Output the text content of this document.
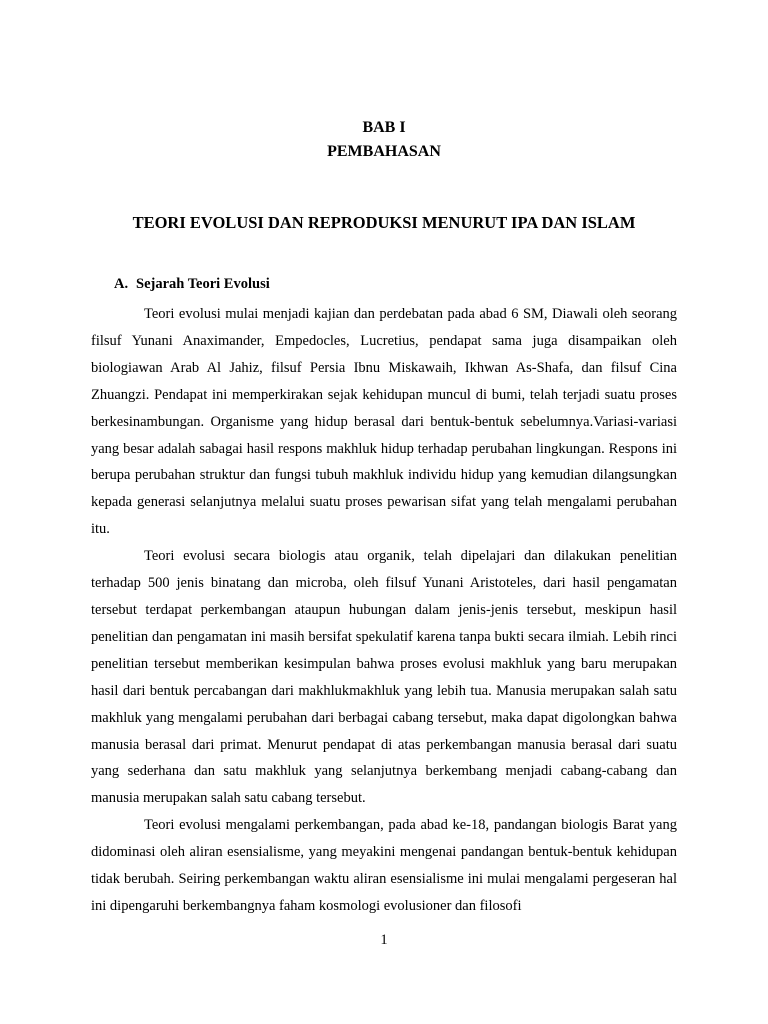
BAB I
PEMBAHASAN
TEORI EVOLUSI DAN REPRODUKSI MENURUT IPA DAN ISLAM
A. Sejarah Teori Evolusi

Teori evolusi mulai menjadi kajian dan perdebatan pada abad 6 SM, Diawali oleh seorang filsuf Yunani Anaximander, Empedocles, Lucretius, pendapat sama juga disampaikan oleh biologiawan Arab Al Jahiz, filsuf Persia Ibnu Miskawaih, Ikhwan As-Shafa, dan filsuf Cina Zhuangzi. Pendapat ini memperkirakan sejak kehidupan muncul di bumi, telah terjadi suatu proses berkesinambungan. Organisme yang hidup berasal dari bentuk-bentuk sebelumnya.Variasi-variasi yang besar adalah sabagai hasil respons makhluk hidup terhadap perubahan lingkungan. Respons ini berupa perubahan struktur dan fungsi tubuh makhluk individu hidup yang kemudian dilangsungkan kepada generasi selanjutnya melalui suatu proses pewarisan sifat yang telah mengalami perubahan itu.

Teori evolusi secara biologis atau organik, telah dipelajari dan dilakukan penelitian terhadap 500 jenis binatang dan microba, oleh filsuf Yunani Aristoteles, dari hasil pengamatan tersebut terdapat perkembangan ataupun hubungan dalam jenis-jenis tersebut, meskipun hasil penelitian dan pengamatan ini masih bersifat spekulatif karena tanpa bukti secara ilmiah. Lebih rinci penelitian tersebut memberikan kesimpulan bahwa proses evolusi makhluk yang baru merupakan hasil dari bentuk percabangan dari makhlukmakhluk yang lebih tua. Manusia merupakan salah satu makhluk yang mengalami perubahan dari berbagai cabang tersebut, maka dapat digolongkan bahwa manusia berasal dari primat. Menurut pendapat di atas perkembangan manusia berasal dari suatu yang sederhana dan satu makhluk yang selanjutnya berkembang menjadi cabang-cabang dan manusia merupakan salah satu cabang tersebut.

Teori evolusi mengalami perkembangan, pada abad ke-18, pandangan biologis Barat yang didominasi oleh aliran esensialisme, yang meyakini mengenai pandangan bentuk-bentuk kehidupan tidak berubah. Seiring perkembangan waktu aliran esensialisme ini mulai mengalami pergeseran hal ini dipengaruhi berkembangnya faham kosmologi evolusioner dan filosofi

1
